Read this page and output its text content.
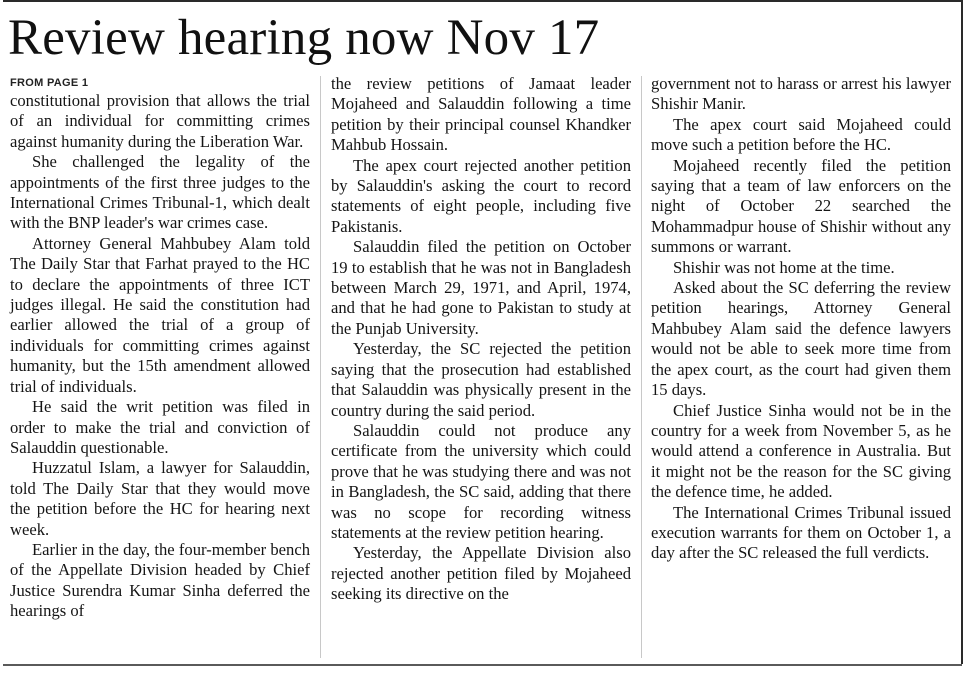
Review hearing now Nov 17
FROM PAGE 1

constitutional provision that allows the trial of an individual for committing crimes against humanity during the Liberation War.

She challenged the legality of the appointments of the first three judges to the International Crimes Tribunal-1, which dealt with the BNP leader's war crimes case.

Attorney General Mahbubey Alam told The Daily Star that Farhat prayed to the HC to declare the appointments of three ICT judges illegal. He said the constitution had earlier allowed the trial of a group of individuals for committing crimes against humanity, but the 15th amendment allowed trial of individuals.

He said the writ petition was filed in order to make the trial and conviction of Salauddin questionable.

Huzzatul Islam, a lawyer for Salauddin, told The Daily Star that they would move the petition before the HC for hearing next week.

Earlier in the day, the four-member bench of the Appellate Division headed by Chief Justice Surendra Kumar Sinha deferred the hearings of

the review petitions of Jamaat leader Mojaheed and Salauddin following a time petition by their principal counsel Khandker Mahbub Hossain.

The apex court rejected another petition by Salauddin's asking the court to record statements of eight people, including five Pakistanis.

Salauddin filed the petition on October 19 to establish that he was not in Bangladesh between March 29, 1971, and April, 1974, and that he had gone to Pakistan to study at the Punjab University.

Yesterday, the SC rejected the petition saying that the prosecution had established that Salauddin was physically present in the country during the said period.

Salauddin could not produce any certificate from the university which could prove that he was studying there and was not in Bangladesh, the SC said, adding that there was no scope for recording witness statements at the review petition hearing.

Yesterday, the Appellate Division also rejected another petition filed by Mojaheed seeking its directive on the

government not to harass or arrest his lawyer Shishir Manir.

The apex court said Mojaheed could move such a petition before the HC.

Mojaheed recently filed the petition saying that a team of law enforcers on the night of October 22 searched the Mohammadpur house of Shishir without any summons or warrant.

Shishir was not home at the time.

Asked about the SC deferring the review petition hearings, Attorney General Mahbubey Alam said the defence lawyers would not be able to seek more time from the apex court, as the court had given them 15 days.

Chief Justice Sinha would not be in the country for a week from November 5, as he would attend a conference in Australia. But it might not be the reason for the SC giving the defence time, he added.

The International Crimes Tribunal issued execution warrants for them on October 1, a day after the SC released the full verdicts.
